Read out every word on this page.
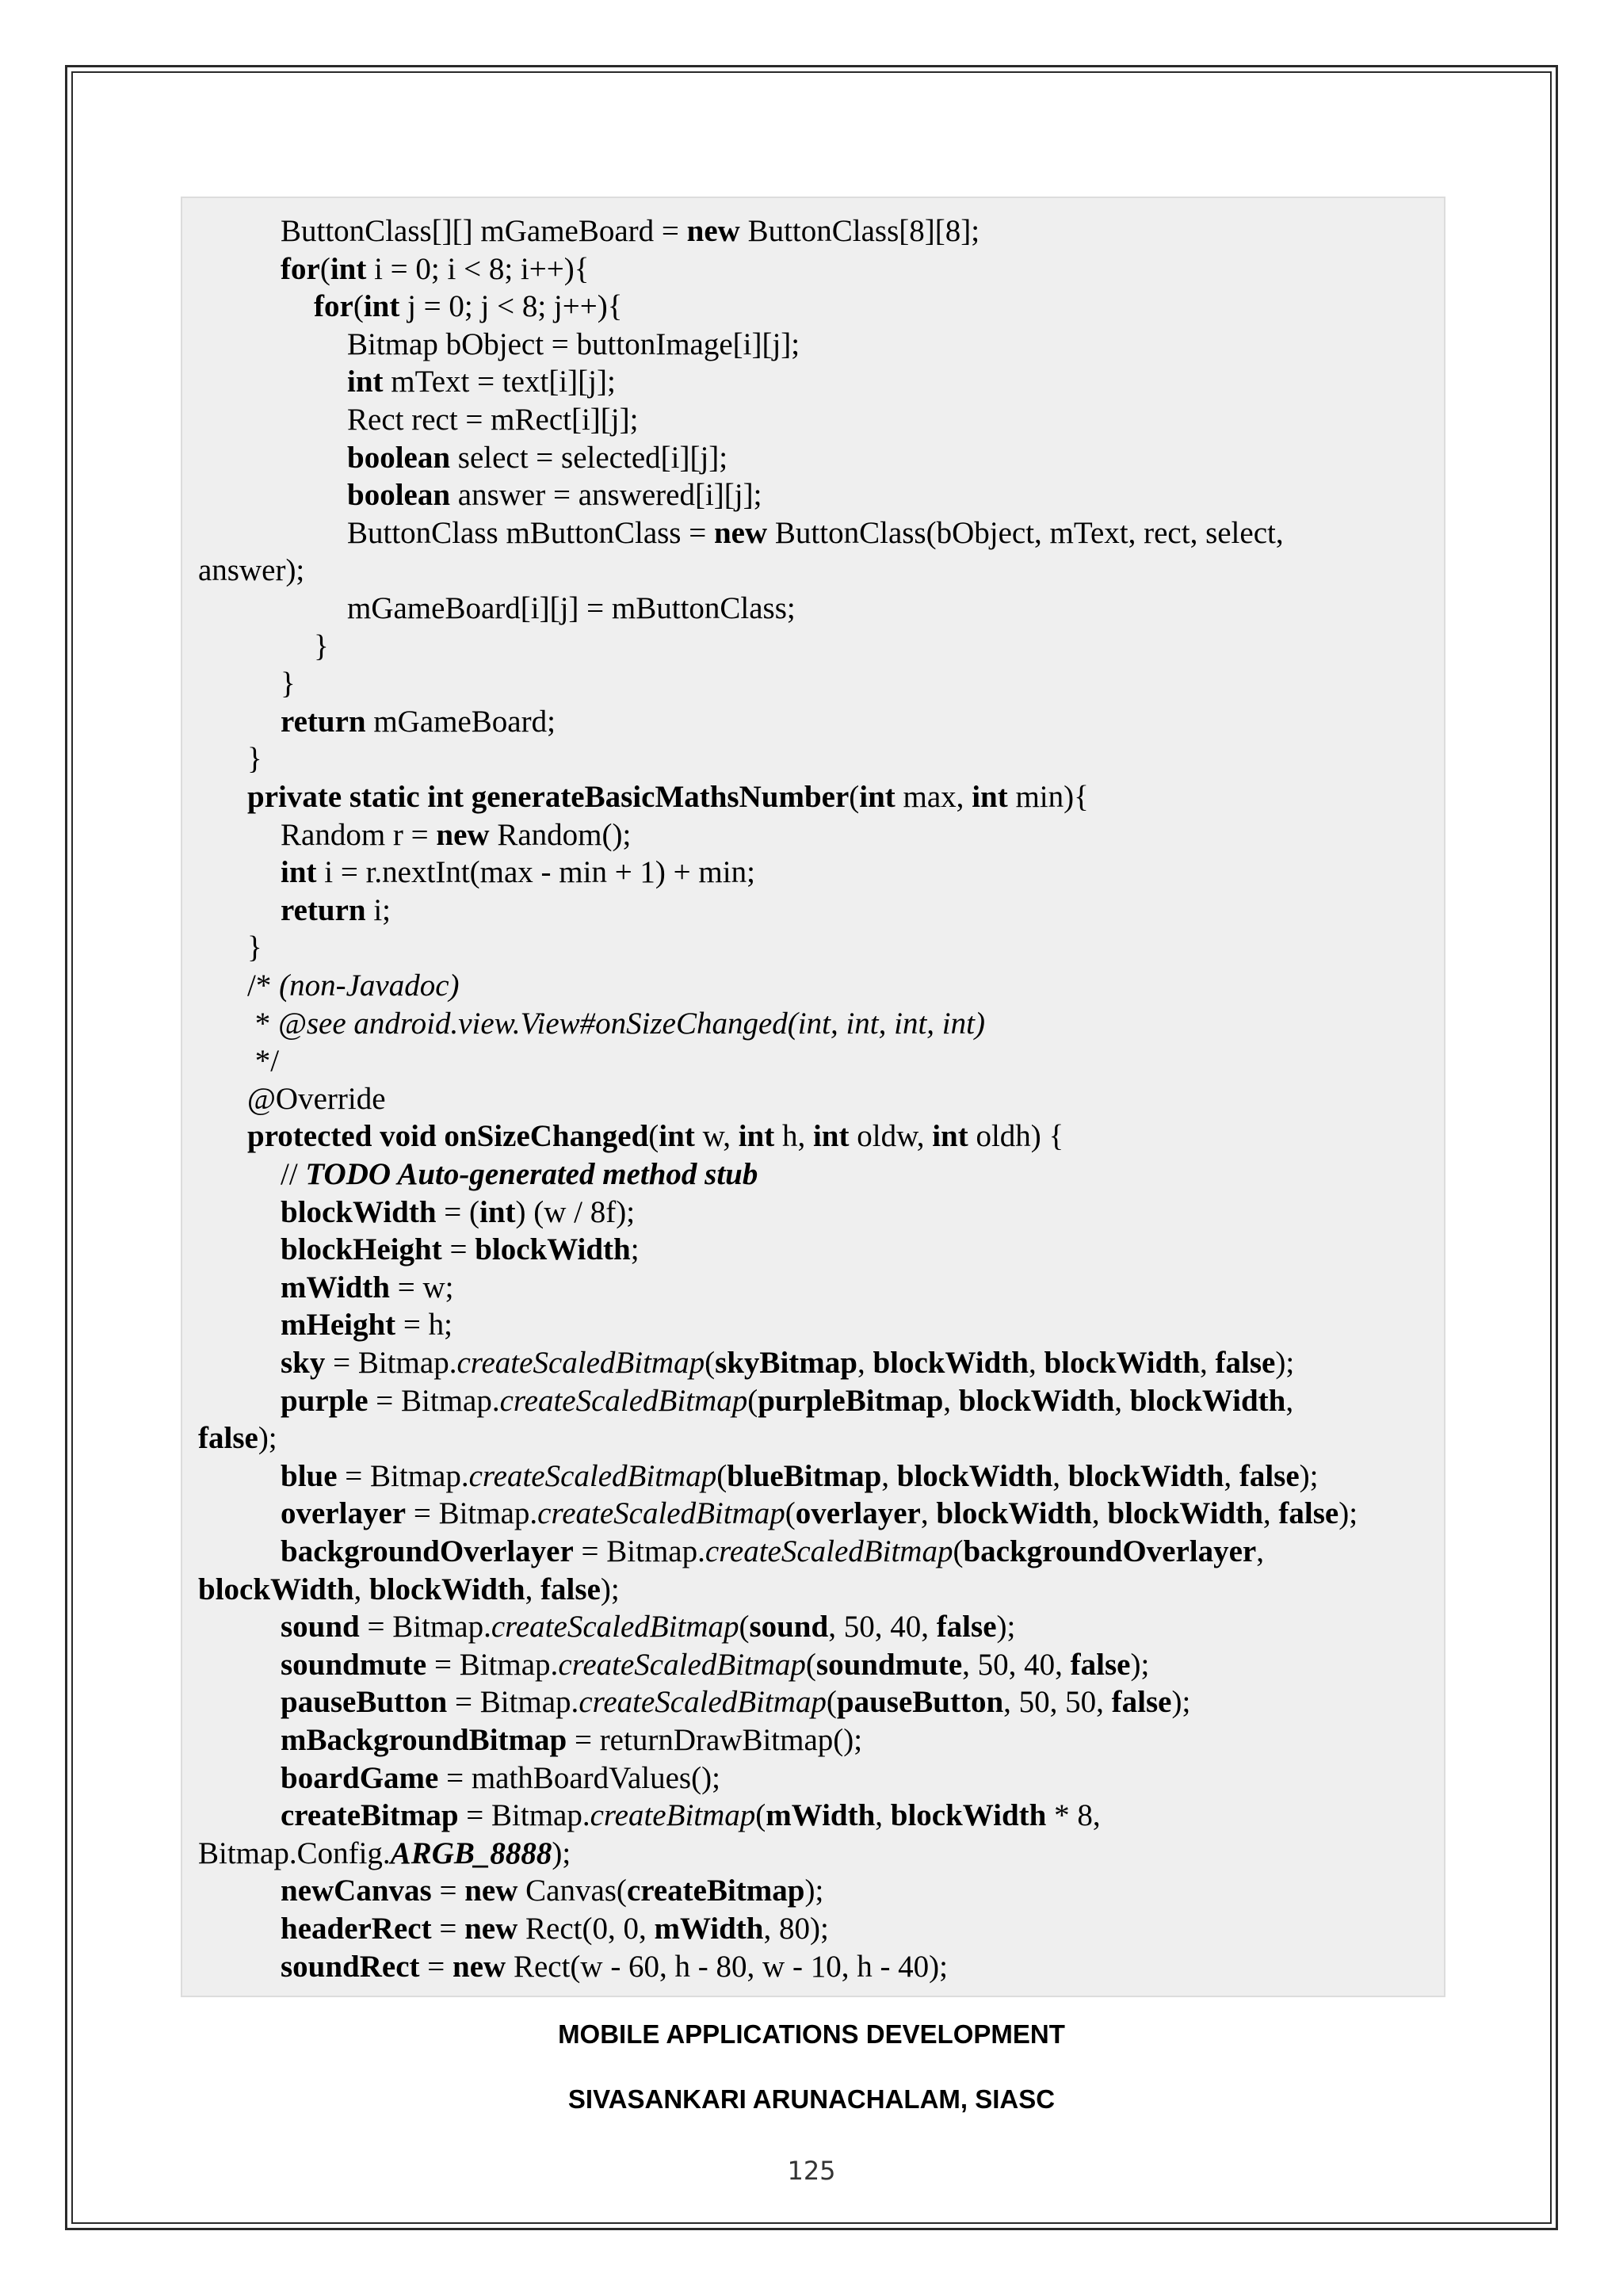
ButtonClass[][] mGameBoard = new ButtonClass[8][8];
for(int i = 0; i < 8; i++){
for(int j = 0; j < 8; j++){
Bitmap bObject = buttonImage[i][j];
int mText = text[i][j];
Rect rect = mRect[i][j];
boolean select = selected[i][j];
boolean answer = answered[i][j];
ButtonClass mButtonClass = new ButtonClass(bObject, mText, rect, select,
answer);
mGameBoard[i][j] = mButtonClass;
}
}
return mGameBoard;
}
private static int generateBasicMathsNumber(int max, int min){
Random r = new Random();
int i = r.nextInt(max - min + 1) + min;
return i;
}
/* (non-Javadoc)
* @see android.view.View#onSizeChanged(int, int, int, int)
*/
@Override
protected void onSizeChanged(int w, int h, int oldw, int oldh) {
// TODO Auto-generated method stub
blockWidth = (int) (w / 8f);
blockHeight = blockWidth;
mWidth = w;
mHeight = h;
sky = Bitmap.createScaledBitmap(skyBitmap, blockWidth, blockWidth, false);
purple = Bitmap.createScaledBitmap(purpleBitmap, blockWidth, blockWidth,
false);
blue = Bitmap.createScaledBitmap(blueBitmap, blockWidth, blockWidth, false);
overlayer = Bitmap.createScaledBitmap(overlayer, blockWidth, blockWidth, false);
backgroundOverlayer = Bitmap.createScaledBitmap(backgroundOverlayer,
blockWidth, blockWidth, false);
sound = Bitmap.createScaledBitmap(sound, 50, 40, false);
soundmute = Bitmap.createScaledBitmap(soundmute, 50, 40, false);
pauseButton = Bitmap.createScaledBitmap(pauseButton, 50, 50, false);
mBackgroundBitmap = returnDrawBitmap();
boardGame = mathBoardValues();
createBitmap = Bitmap.createBitmap(mWidth, blockWidth * 8,
Bitmap.Config.ARGB_8888);
newCanvas = new Canvas(createBitmap);
headerRect = new Rect(0, 0, mWidth, 80);
soundRect = new Rect(w - 60, h - 80, w - 10, h - 40);
MOBILE APPLICATIONS DEVELOPMENT
SIVASANKARI ARUNACHALAM, SIASC
125
